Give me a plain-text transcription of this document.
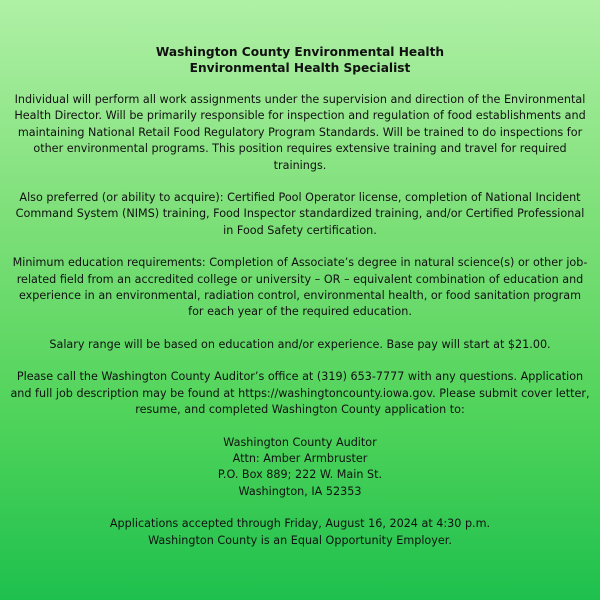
Washington County Environmental Health

Environmental Health Specialist

Individual will perform all work assignments under the supervision and direction of the Environmental Health Director. Will be primarily responsible for inspection and regulation of food establishments and maintaining National Retail Food Regulatory Program Standards. Will be trained to do inspections for other environmental programs. This position requires extensive training and travel for required trainings.

Also preferred (or ability to acquire): Certified Pool Operator license, completion of National Incident Command System (NIMS) training, Food Inspector standardized training, and/or Certified Professional in Food Safety certification.

Minimum education requirements: Completion of Associate’s degree in natural science(s) or other job-related field from an accredited college or university – OR – equivalent combination of education and experience in an environmental, radiation control, environmental health, or food sanitation program for each year of the required education.

Salary range will be based on education and/or experience. Base pay will start at $21.00.

Please call the Washington County Auditor’s office at (319) 653-7777 with any questions. Application and full job description may be found at https://washingtoncounty.iowa.gov. Please submit cover letter, resume, and completed Washington County application to:

Washington County Auditor
Attn: Amber Armbruster
P.O. Box 889; 222 W. Main St.
Washington, IA 52353

Applications accepted through Friday, August 16, 2024 at 4:30 p.m.

Washington County is an Equal Opportunity Employer.
